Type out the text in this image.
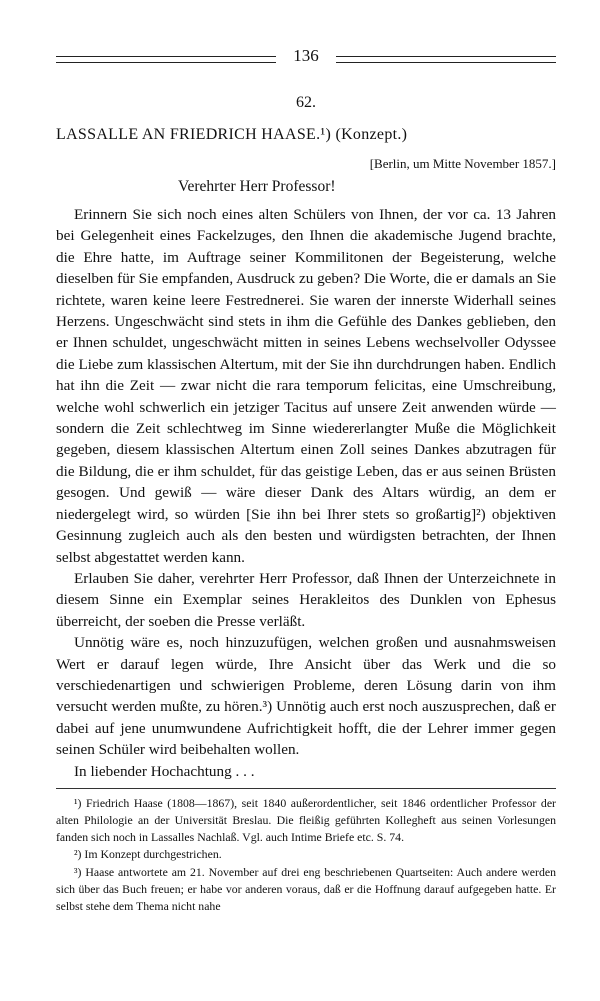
136
62.
LASSALLE AN FRIEDRICH HAASE.¹) (Konzept.)
[Berlin, um Mitte November 1857.]
Verehrter Herr Professor!

Erinnern Sie sich noch eines alten Schülers von Ihnen, der vor ca. 13 Jahren bei Gelegenheit eines Fackelzuges, den Ihnen die akademische Jugend brachte, die Ehre hatte, im Auftrage seiner Kommilitonen der Begeisterung, welche dieselben für Sie empfanden, Ausdruck zu geben? Die Worte, die er damals an Sie richtete, waren keine leere Festrednerei. Sie waren der innerste Widerhall seines Herzens. Ungeschwächt sind stets in ihm die Gefühle des Dankes geblieben, den er Ihnen schuldet, ungeschwächt mitten in seines Lebens wechselvoller Odyssee die Liebe zum klassischen Altertum, mit der Sie ihn durchdrungen haben. Endlich hat ihn die Zeit — zwar nicht die rara temporum felicitas, eine Umschreibung, welche wohl schwerlich ein jetziger Tacitus auf unsere Zeit anwenden würde — sondern die Zeit schlechtweg im Sinne wiedererlangter Muße die Möglichkeit gegeben, diesem klassischen Altertum einen Zoll seines Dankes abzutragen für die Bildung, die er ihm schuldet, für das geistige Leben, das er aus seinen Brüsten gesogen. Und gewiß — wäre dieser Dank des Altars würdig, an dem er niedergelegt wird, so würden [Sie ihn bei Ihrer stets so großartig]²) objektiven Gesinnung zugleich auch als den besten und würdigsten betrachten, der Ihnen selbst abgestattet werden kann.

Erlauben Sie daher, verehrter Herr Professor, daß Ihnen der Unterzeichnete in diesem Sinne ein Exemplar seines Herakleitos des Dunklen von Ephesus überreicht, der soeben die Presse verläßt.

Unnötig wäre es, noch hinzuzufügen, welchen großen und ausnahmsweisen Wert er darauf legen würde, Ihre Ansicht über das Werk und die so verschiedenartigen und schwierigen Probleme, deren Lösung darin von ihm versucht werden mußte, zu hören.³) Unnötig auch erst noch auszusprechen, daß er dabei auf jene unumwundene Aufrichtigkeit hofft, die der Lehrer immer gegen seinen Schüler wird beibehalten wollen.

In liebender Hochachtung . . .

¹) Friedrich Haase (1808—1867), seit 1840 außerordentlicher, seit 1846 ordentlicher Professor der alten Philologie an der Universität Breslau. Die fleißig geführten Kollegheft aus seinen Vorlesungen fanden sich noch in Lassalles Nachlaß. Vgl. auch Intime Briefe etc. S. 74.

²) Im Konzept durchgestrichen.

³) Haase antwortete am 21. November auf drei eng beschriebenen Quartseiten: Auch andere werden sich über das Buch freuen; er habe vor anderen voraus, daß er die Hoffnung darauf aufgegeben hatte. Er selbst stehe dem Thema nicht nahe
